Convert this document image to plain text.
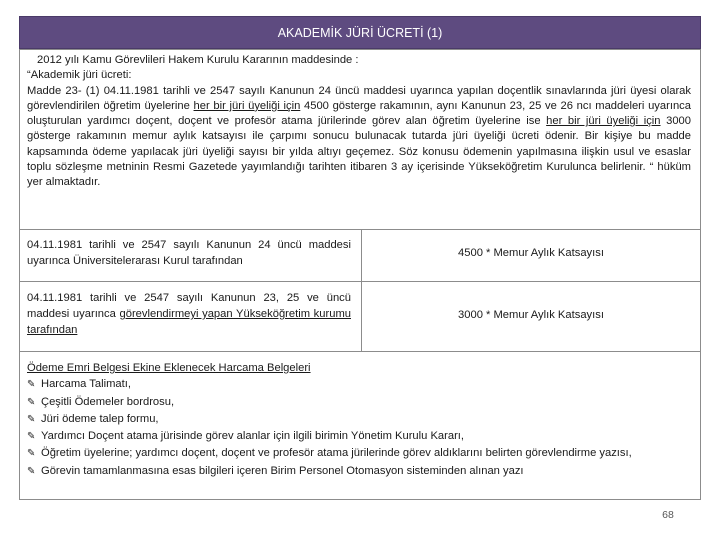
AKADEMİK JÜRİ ÜCRETİ (1)

2012 yılı Kamu Görevlileri Hakem Kurulu Kararının maddesinde :

“Akademik jüri ücreti:

Madde 23- (1) 04.11.1981 tarihli ve 2547 sayılı Kanunun 24 üncü maddesi uyarınca yapılan doçentlik sınavlarında jüri üyesi olarak görevlendirilen öğretim üyelerine her bir jüri üyeliği için 4500 gösterge rakamının, aynı Kanunun 23, 25 ve 26 ncı maddeleri uyarınca oluşturulan yardımcı doçent, doçent ve profesör atama jürilerinde görev alan öğretim üyelerine ise her bir jüri üyeliği için 3000 gösterge rakamının memur aylık katsayısı ile çarpımı sonucu bulunacak tutarda jüri üyeliği ücreti ödenir. Bir kişiye bu madde kapsamında ödeme yapılacak jüri üyeliği sayısı bir yılda altıyı geçemez. Söz konusu ödemenin yapılmasına ilişkin usul ve esaslar toplu sözleşme metninin Resmi Gazetede yayımlandığı tarihten itibaren 3 ay içerisinde Yükseköğretim Kurulunca belirlenir. “ hüküm yer almaktadır.

04.11.1981 tarihli ve 2547 sayılı Kanunun 24 üncü maddesi uyarınca Üniversitelerarası Kurul tarafından
4500 * Memur Aylık Katsayısı
04.11.1981 tarihli ve 2547 sayılı Kanunun 23, 25 ve üncü maddesi uyarınca görevlendirmeyi yapan Yükseköğretim kurumu tarafından
3000 * Memur Aylık Katsayısı
Ödeme Emri Belgesi Ekine Eklenecek Harcama Belgeleri

✎ Harcama Talimatı,

✎ Çeşitli Ödemeler bordrosu,

✎ Jüri ödeme talep formu,

✎ Yardımcı Doçent atama jürisinde görev alanlar için ilgili birimin Yönetim Kurulu Kararı,

✎ Öğretim üyelerine; yardımcı doçent, doçent ve profesör atama jürilerinde görev aldıklarını belirten görevlendirme yazısı,

✎ Görevin tamamlanmasına esas bilgileri içeren Birim Personel Otomasyon sisteminden alınan yazı

68
